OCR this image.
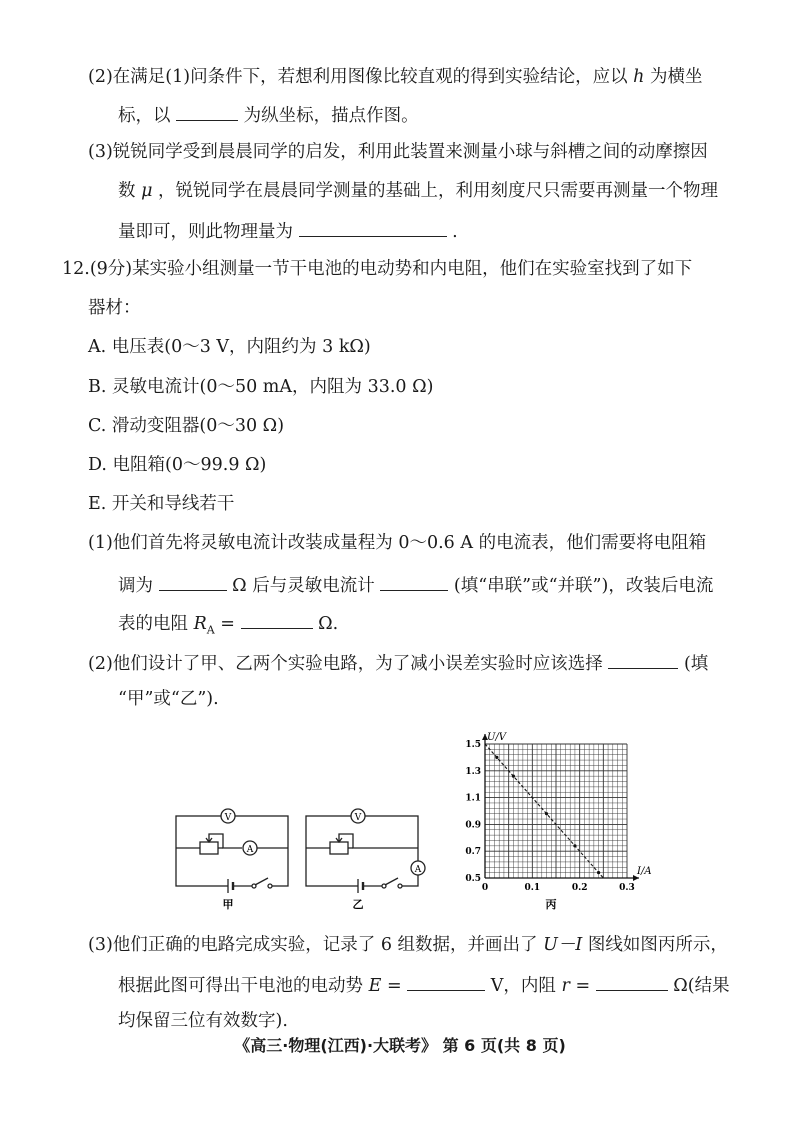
(2)在满足(1)问条件下，若想利用图像比较直观的得到实验结论，应以 h 为横坐
标，以	为纵坐标，描点作图。
(3)锐锐同学受到晨晨同学的启发，利用此装置来测量小球与斜槽之间的动摩擦因
数 μ ，锐锐同学在晨晨同学测量的基础上，利用刻度尺只需要再测量一个物理
量即可，则此物理量为	.
12.(9分)某实验小组测量一节干电池的电动势和内电阻，他们在实验室找到了如下
器材：
A. 电压表(0～3 V，内阻约为 3 kΩ)
B. 灵敏电流计(0～50 mA，内阻为 33.0 Ω)
C. 滑动变阻器(0～30 Ω)
D. 电阻箱(0～99.9 Ω)
E. 开关和导线若干
(1)他们首先将灵敏电流计改装成量程为 0～0.6 A 的电流表，他们需要将电阻箱
调为	Ω 后与灵敏电流计	(填“串联”或“并联”)，改装后电流
表的电阻 $R_A$ =	Ω.
(2)他们设计了甲、乙两个实验电路，为了减小误差实验时应该选择	(填
“甲”或“乙”).
V
A
甲
V
A
乙
0	0.1	0.2	0.3
0.5
0.7
0.9
1.1
1.3
1.5
I/A
U/V
丙
(3)他们正确的电路完成实验，记录了 6 组数据，并画出了 U－I 图线如图丙所示，
根据此图可得出干电池的电动势 E =	V，内阻 r =	Ω(结果
均保留三位有效数字).
《高三·物理(江西)·大联考》 第 6 页(共 8 页)
